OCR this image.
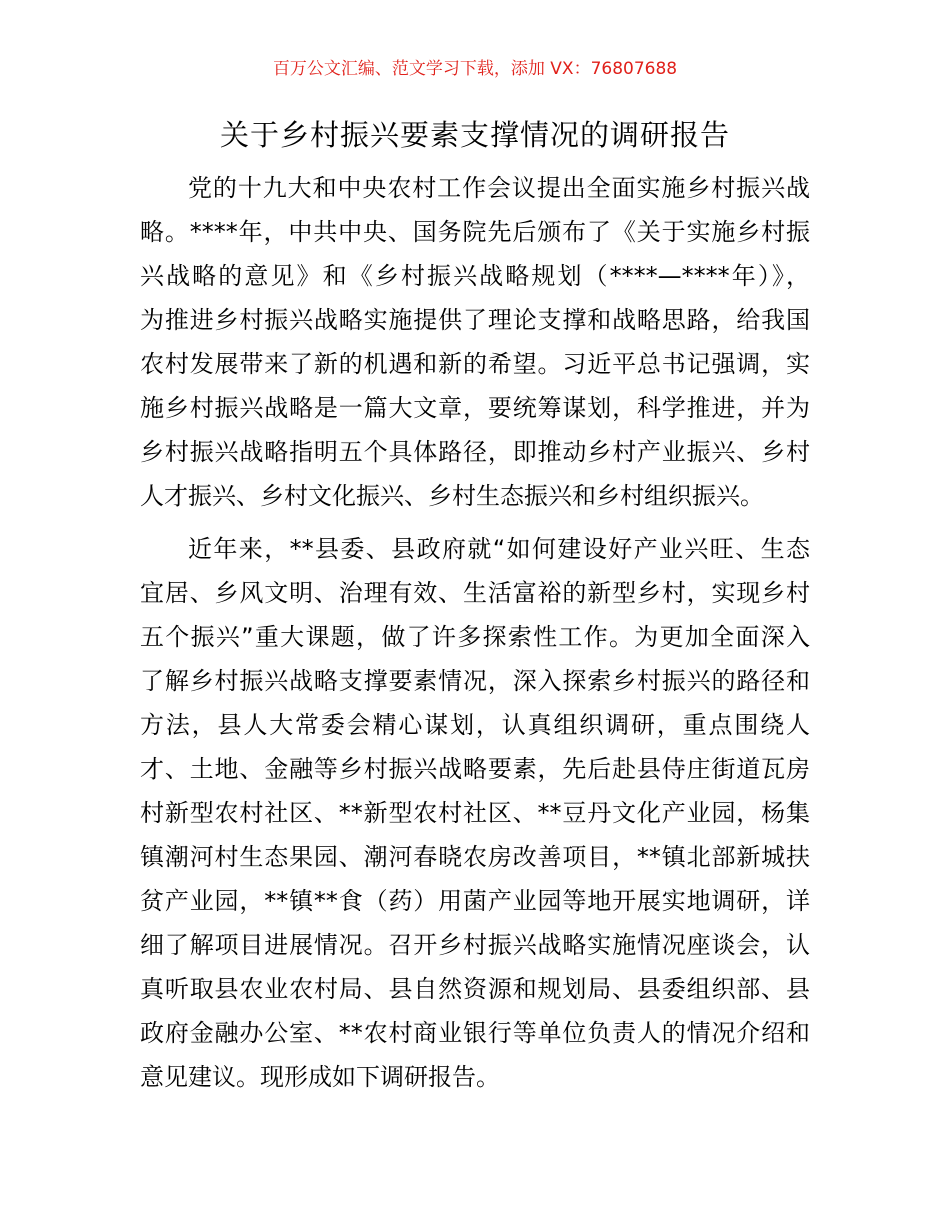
百万公文汇编、范文学习下载，添加 VX：76807688
关于乡村振兴要素支撑情况的调研报告
党的十九大和中央农村工作会议提出全面实施乡村振兴战
略。****年，中共中央、国务院先后颁布了《关于实施乡村振
兴战略的意见》和《乡村振兴战略规划（****—****年）》，
为推进乡村振兴战略实施提供了理论支撑和战略思路，给我国
农村发展带来了新的机遇和新的希望。习近平总书记强调，实
施乡村振兴战略是一篇大文章，要统筹谋划，科学推进，并为
乡村振兴战略指明五个具体路径，即推动乡村产业振兴、乡村
人才振兴、乡村文化振兴、乡村生态振兴和乡村组织振兴。
近年来，**县委、县政府就“如何建设好产业兴旺、生态
宜居、乡风文明、治理有效、生活富裕的新型乡村，实现乡村
五个振兴”重大课题，做了许多探索性工作。为更加全面深入
了解乡村振兴战略支撑要素情况，深入探索乡村振兴的路径和
方法，县人大常委会精心谋划，认真组织调研，重点围绕人
才、土地、金融等乡村振兴战略要素，先后赴县侍庄街道瓦房
村新型农村社区、**新型农村社区、**豆丹文化产业园，杨集
镇潮河村生态果园、潮河春晓农房改善项目，**镇北部新城扶
贫产业园，**镇**食（药）用菌产业园等地开展实地调研，详
细了解项目进展情况。召开乡村振兴战略实施情况座谈会，认
真听取县农业农村局、县自然资源和规划局、县委组织部、县
政府金融办公室、**农村商业银行等单位负责人的情况介绍和
意见建议。现形成如下调研报告。
